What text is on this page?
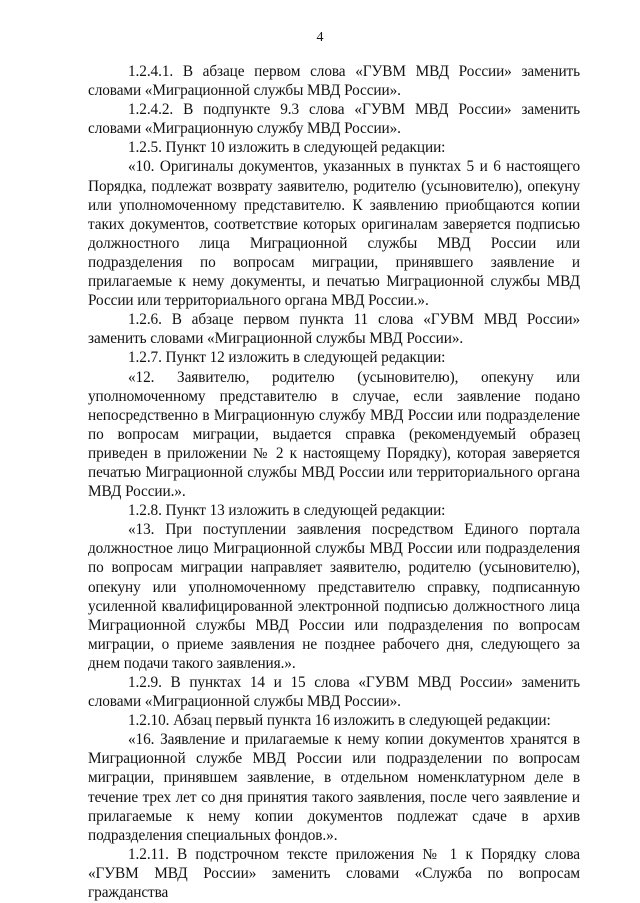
4

1.2.4.1. В абзаце первом слова «ГУВМ МВД России» заменить словами «Миграционной службы МВД России».

1.2.4.2. В подпункте 9.3 слова «ГУВМ МВД России» заменить словами «Миграционную службу МВД России».

1.2.5. Пункт 10 изложить в следующей редакции:

«10. Оригиналы документов, указанных в пунктах 5 и 6 настоящего Порядка, подлежат возврату заявителю, родителю (усыновителю), опекуну или уполномоченному представителю. К заявлению приобщаются копии таких документов, соответствие которых оригиналам заверяется подписью должностного лица Миграционной службы МВД России или подразделения по вопросам миграции, принявшего заявление и прилагаемые к нему документы, и печатью Миграционной службы МВД России или территориального органа МВД России.».

1.2.6. В абзаце первом пункта 11 слова «ГУВМ МВД России» заменить словами «Миграционной службы МВД России».

1.2.7. Пункт 12 изложить в следующей редакции:

«12. Заявителю, родителю (усыновителю), опекуну или уполномоченному представителю в случае, если заявление подано непосредственно в Миграционную службу МВД России или подразделение по вопросам миграции, выдается справка (рекомендуемый образец приведен в приложении № 2 к настоящему Порядку), которая заверяется печатью Миграционной службы МВД России или территориального органа МВД России.».

1.2.8. Пункт 13 изложить в следующей редакции:

«13. При поступлении заявления посредством Единого портала должностное лицо Миграционной службы МВД России или подразделения по вопросам миграции направляет заявителю, родителю (усыновителю), опекуну или уполномоченному представителю справку, подписанную усиленной квалифицированной электронной подписью должностного лица Миграционной службы МВД России или подразделения по вопросам миграции, о приеме заявления не позднее рабочего дня, следующего за днем подачи такого заявления.».

1.2.9. В пунктах 14 и 15 слова «ГУВМ МВД России» заменить словами «Миграционной службы МВД России».

1.2.10. Абзац первый пункта 16 изложить в следующей редакции:

«16. Заявление и прилагаемые к нему копии документов хранятся в Миграционной службе МВД России или подразделении по вопросам миграции, принявшем заявление, в отдельном номенклатурном деле в течение трех лет со дня принятия такого заявления, после чего заявление и прилагаемые к нему копии документов подлежат сдаче в архив подразделения специальных фондов.».

1.2.11. В подстрочном тексте приложения № 1 к Порядку слова «ГУВМ МВД России» заменить словами «Служба по вопросам гражданства
